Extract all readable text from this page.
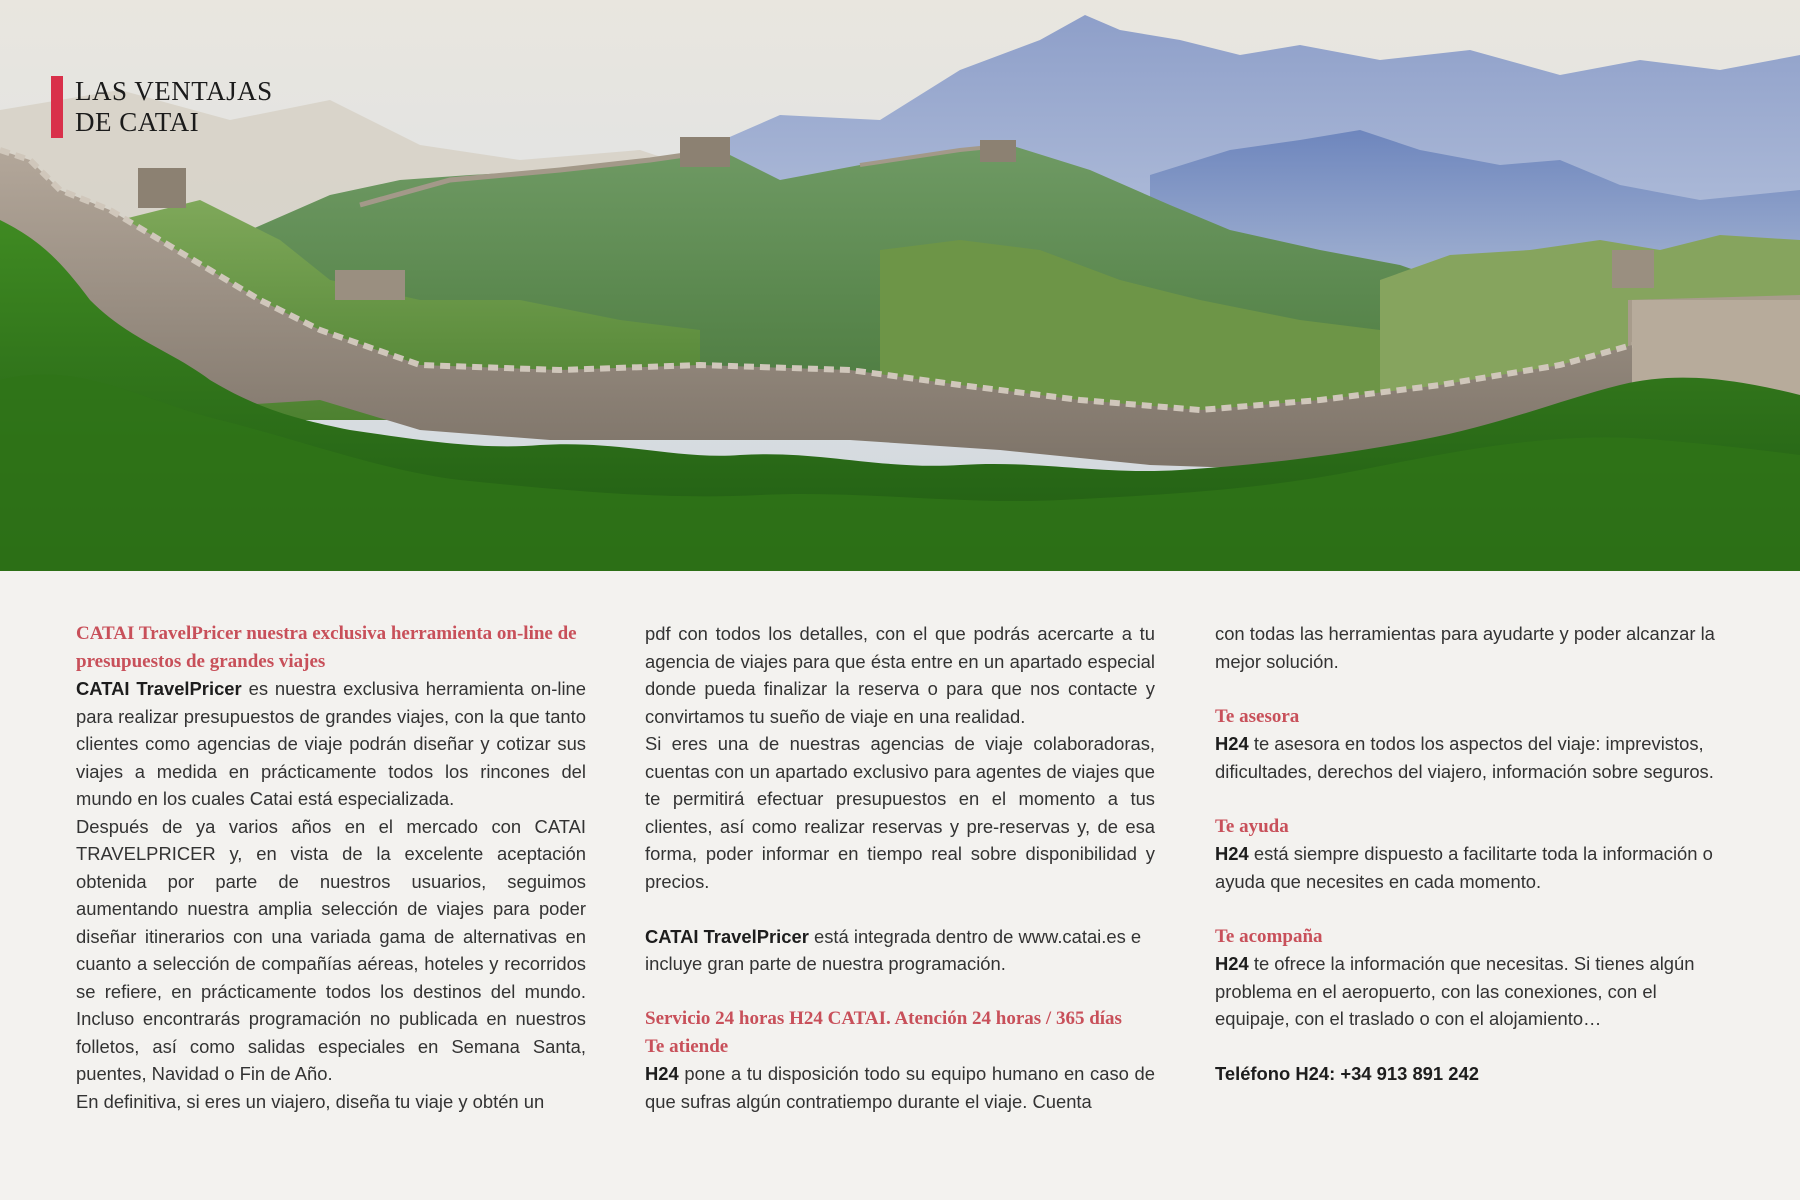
LAS VENTAJAS
DE CATAI

CATAI TravelPricer nuestra exclusiva herramienta on-line de presupuestos de grandes viajes

CATAI TravelPricer es nuestra exclusiva herramienta on-line para realizar presupuestos de grandes viajes, con la que tanto clientes como agencias de viaje podrán diseñar y cotizar sus viajes a medida en prácticamente todos los rincones del mundo en los cuales Catai está especializada.

Después de ya varios años en el mercado con CATAI TRAVELPRICER y, en vista de la excelente aceptación obtenida por parte de nuestros usuarios, seguimos aumentando nuestra amplia selección de viajes para poder diseñar itinerarios con una variada gama de alternativas en cuanto a selección de compañías aéreas, hoteles y recorridos se refiere, en prácticamente todos los destinos del mundo. Incluso encontrarás programación no publicada en nuestros folletos, así como salidas especiales en Semana Santa, puentes, Navidad o Fin de Año.

En definitiva, si eres un viajero, diseña tu viaje y obtén un

pdf con todos los detalles, con el que podrás acercarte a tu agencia de viajes para que ésta entre en un apartado especial donde pueda finalizar la reserva o para que nos contacte y convirtamos tu sueño de viaje en una realidad.

Si eres una de nuestras agencias de viaje colaboradoras, cuentas con un apartado exclusivo para agentes de viajes que te permitirá efectuar presupuestos en el momento a tus clientes, así como realizar reservas y pre-reservas y, de esa forma, poder informar en tiempo real sobre disponibilidad y precios.

CATAI TravelPricer está integrada dentro de www.catai.es e incluye gran parte de nuestra programación.

Servicio 24 horas H24 CATAI. Atención 24 horas / 365 días

Te atiende

H24 pone a tu disposición todo su equipo humano en caso de que sufras algún contratiempo durante el viaje. Cuenta

con todas las herramientas para ayudarte y poder alcanzar la mejor solución.

Te asesora

H24 te asesora en todos los aspectos del viaje: imprevistos, dificultades, derechos del viajero, información sobre seguros.

Te ayuda

H24 está siempre dispuesto a facilitarte toda la información o ayuda que necesites en cada momento.

Te acompaña

H24 te ofrece la información que necesitas. Si tienes algún problema en el aeropuerto, con las conexiones, con el equipaje, con el traslado o con el alojamiento…

Teléfono H24: +34 913 891 242
